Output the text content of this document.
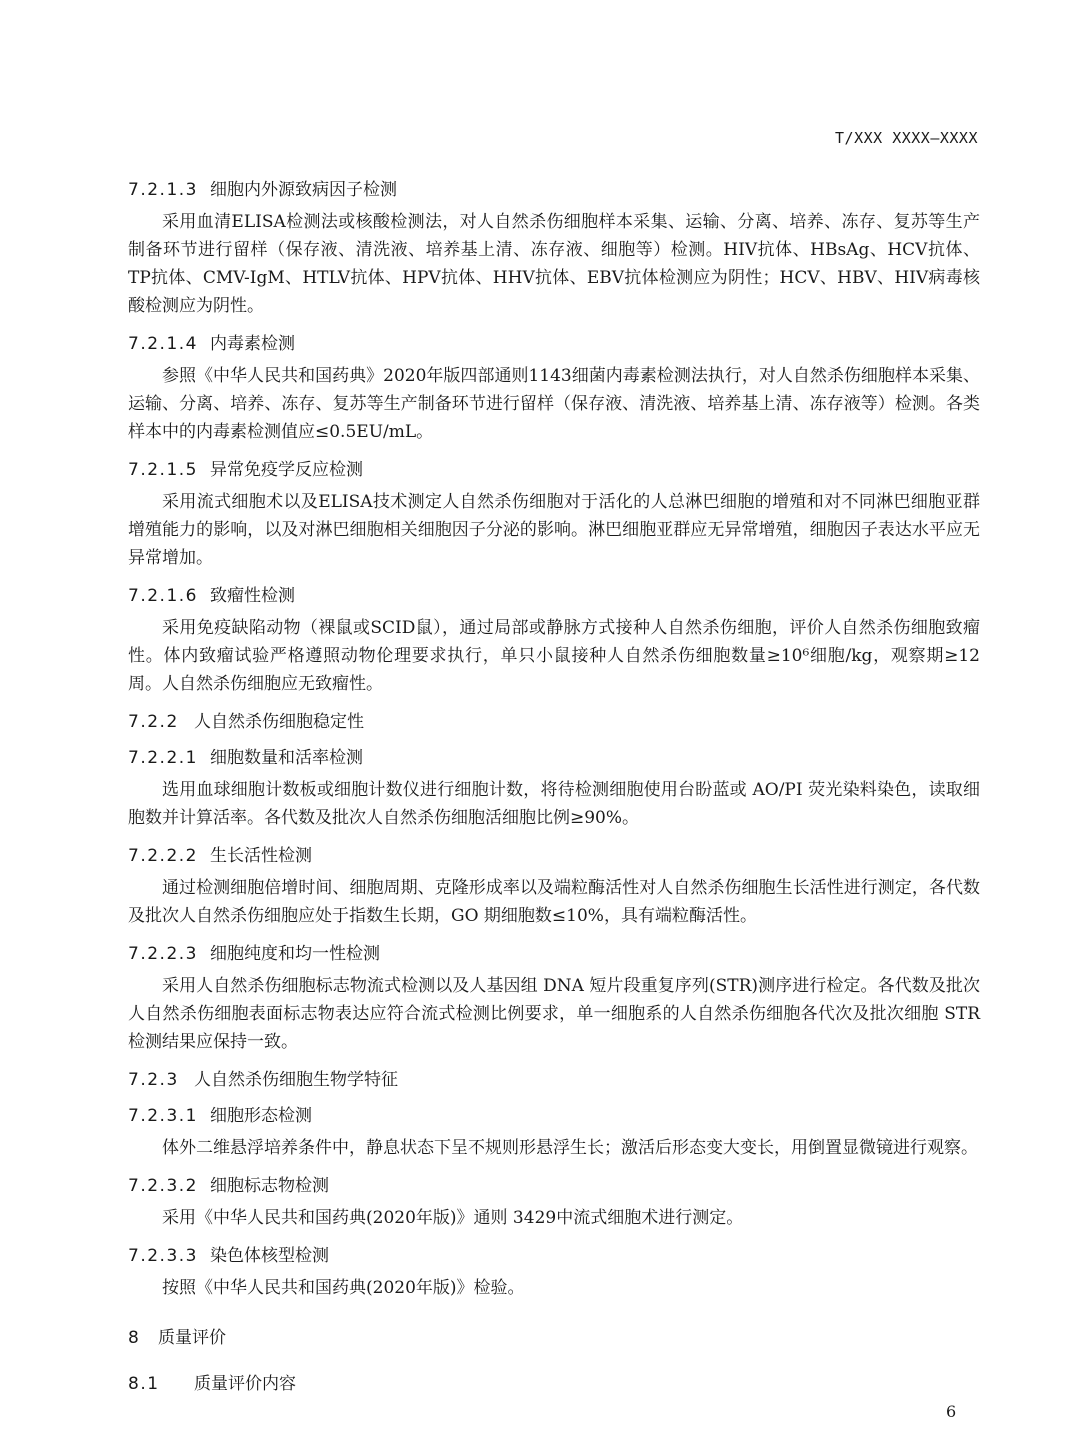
T/XXX XXXX—XXXX
7.2.1.3 细胞内外源致病因子检测

采用血清ELISA检测法或核酸检测法，对人自然杀伤细胞样本采集、运输、分离、培养、冻存、复苏等生产制备环节进行留样（保存液、清洗液、培养基上清、冻存液、细胞等）检测。HIV抗体、HBsAg、HCV抗体、TP抗体、CMV-IgM、HTLV抗体、HPV抗体、HHV抗体、EBV抗体检测应为阴性；HCV、HBV、HIV病毒核酸检测应为阴性。

7.2.1.4 内毒素检测

参照《中华人民共和国药典》2020年版四部通则1143细菌内毒素检测法执行，对人自然杀伤细胞样本采集、运输、分离、培养、冻存、复苏等生产制备环节进行留样（保存液、清洗液、培养基上清、冻存液等）检测。各类样本中的内毒素检测值应≤0.5EU/mL。

7.2.1.5 异常免疫学反应检测

采用流式细胞术以及ELISA技术测定人自然杀伤细胞对于活化的人总淋巴细胞的增殖和对不同淋巴细胞亚群增殖能力的影响，以及对淋巴细胞相关细胞因子分泌的影响。淋巴细胞亚群应无异常增殖，细胞因子表达水平应无异常增加。

7.2.1.6 致瘤性检测

采用免疫缺陷动物（裸鼠或SCID鼠），通过局部或静脉方式接种人自然杀伤细胞，评价人自然杀伤细胞致瘤性。体内致瘤试验严格遵照动物伦理要求执行，单只小鼠接种人自然杀伤细胞数量≥10⁶细胞/kg，观察期≥12周。人自然杀伤细胞应无致瘤性。

7.2.2 人自然杀伤细胞稳定性
7.2.2.1 细胞数量和活率检测

选用血球细胞计数板或细胞计数仪进行细胞计数，将待检测细胞使用台盼蓝或 AO/PI 荧光染料染色，读取细胞数并计算活率。各代数及批次人自然杀伤细胞活细胞比例≥90%。

7.2.2.2 生长活性检测

通过检测细胞倍增时间、细胞周期、克隆形成率以及端粒酶活性对人自然杀伤细胞生长活性进行测定，各代数及批次人自然杀伤细胞应处于指数生长期，GO 期细胞数≤10%，具有端粒酶活性。

7.2.2.3 细胞纯度和均一性检测

采用人自然杀伤细胞标志物流式检测以及人基因组 DNA 短片段重复序列(STR)测序进行检定。各代数及批次人自然杀伤细胞表面标志物表达应符合流式检测比例要求，单一细胞系的人自然杀伤细胞各代次及批次细胞 STR 检测结果应保持一致。

7.2.3 人自然杀伤细胞生物学特征
7.2.3.1 细胞形态检测

体外二维悬浮培养条件中，静息状态下呈不规则形悬浮生长；激活后形态变大变长，用倒置显微镜进行观察。

7.2.3.2 细胞标志物检测

采用《中华人民共和国药典(2020年版)》通则 3429中流式细胞术进行测定。

7.2.3.3 染色体核型检测

按照《中华人民共和国药典(2020年版)》检验。

8 质量评价
8.1 质量评价内容
6
